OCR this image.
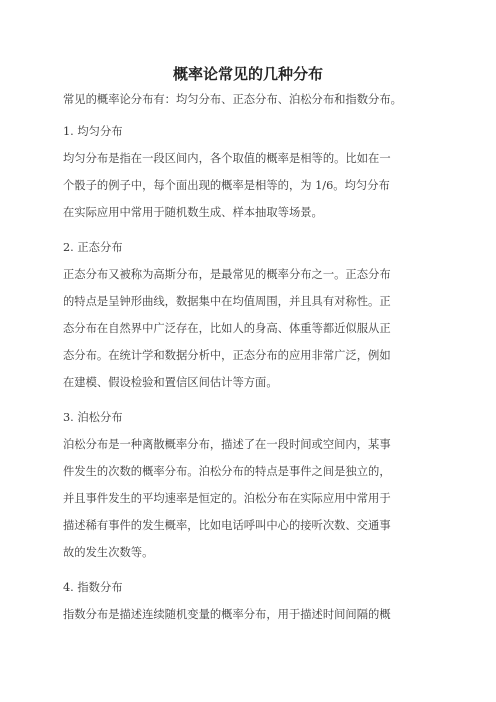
概率论常见的几种分布
常见的概率论分布有：均匀分布、正态分布、泊松分布和指数分布。
1. 均匀分布
均匀分布是指在一段区间内，各个取值的概率是相等的。比如在一
个骰子的例子中，每个面出现的概率是相等的，为 1/6。均匀分布
在实际应用中常用于随机数生成、样本抽取等场景。
2. 正态分布
正态分布又被称为高斯分布，是最常见的概率分布之一。正态分布
的特点是呈钟形曲线，数据集中在均值周围，并且具有对称性。正
态分布在自然界中广泛存在，比如人的身高、体重等都近似服从正
态分布。在统计学和数据分析中，正态分布的应用非常广泛，例如
在建模、假设检验和置信区间估计等方面。
3. 泊松分布
泊松分布是一种离散概率分布，描述了在一段时间或空间内，某事
件发生的次数的概率分布。泊松分布的特点是事件之间是独立的，
并且事件发生的平均速率是恒定的。泊松分布在实际应用中常用于
描述稀有事件的发生概率，比如电话呼叫中心的接听次数、交通事
故的发生次数等。
4. 指数分布
指数分布是描述连续随机变量的概率分布，用于描述时间间隔的概
